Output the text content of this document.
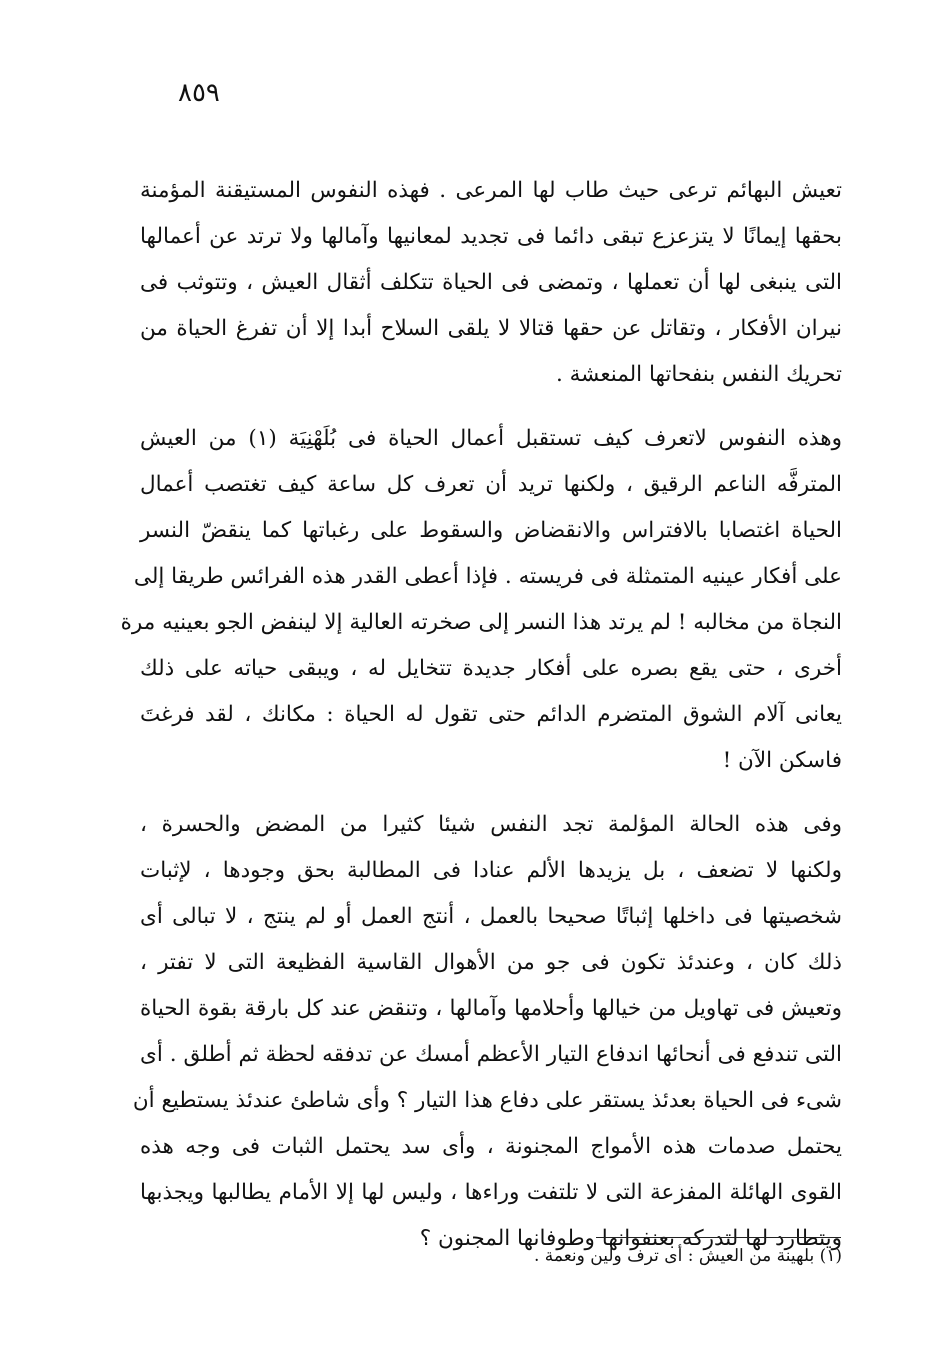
٨٥٩
تعيش البهائم ترعى حيث طاب لها المرعى . فهذه النفوس المستيقنة المؤمنة
بحقها إيمانًا لا يتزعزع تبقى دائما فى تجديد لمعانيها وآمالها ولا ترتد عن أعمالها
التى ينبغى لها أن تعملها ، وتمضى فى الحياة تتكلف أثقال العيش ، وتتوثب فى
نيران الأفكار ، وتقاتل عن حقها قتالا لا يلقى السلاح أبدا إلا أن تفرغ الحياة من
تحريك النفس بنفحاتها المنعشة .
وهذه النفوس لاتعرف كيف تستقبل أعمال الحياة فى بُلَهْنِيَة (١) من العيش
المترفَّه الناعم الرقيق ، ولكنها تريد أن تعرف كل ساعة كيف تغتصب أعمال
الحياة اغتصابا بالافتراس والانقضاض والسقوط على رغباتها كما ينقضّ النسر
على أفكار عينيه المتمثلة فى فريسته . فإذا أعطى القدر هذه الفرائس طريقا إلى
النجاة من مخالبه ! لم يرتد هذا النسر إلى صخرته العالية إلا لينفض الجو بعينيه مرة
أخرى ، حتى يقع بصره على أفكار جديدة تتخايل له ، ويبقى حياته على ذلك
يعانى آلام الشوق المتضرم الدائم حتى تقول له الحياة : مكانك ، لقد فرغتَ
فاسكن الآن !
وفى هذه الحالة المؤلمة تجد النفس شيئا كثيرا من المضض والحسرة ،
ولكنها لا تضعف ، بل يزيدها الألم عنادا فى المطالبة بحق وجودها ، لإثبات
شخصيتها فى داخلها إثباتًا صحيحا بالعمل ، أنتج العمل أو لم ينتج ، لا تبالى أى
ذلك كان ، وعندئذ تكون فى جو من الأهوال القاسية الفظيعة التى لا تفتر ،
وتعيش فى تهاويل من خيالها وأحلامها وآمالها ، وتنقض عند كل بارقة بقوة الحياة
التى تندفع فى أنحائها اندفاع التيار الأعظم أمسك عن تدفقه لحظة ثم أطلق . أى
شىء فى الحياة بعدئذ يستقر على دفاع هذا التيار ؟ وأى شاطئ عندئذ يستطيع أن
يحتمل صدمات هذه الأمواج المجنونة ، وأى سد يحتمل الثبات فى وجه هذه
القوى الهائلة المفزعة التى لا تلتفت وراءها ، وليس لها إلا الأمام يطالبها ويجذبها
ويتطارد لها لتدركه بعنفوانها وطوفانها المجنون ؟
(١) بلهينة من العيش : أى ترف ولين ونعمة .
